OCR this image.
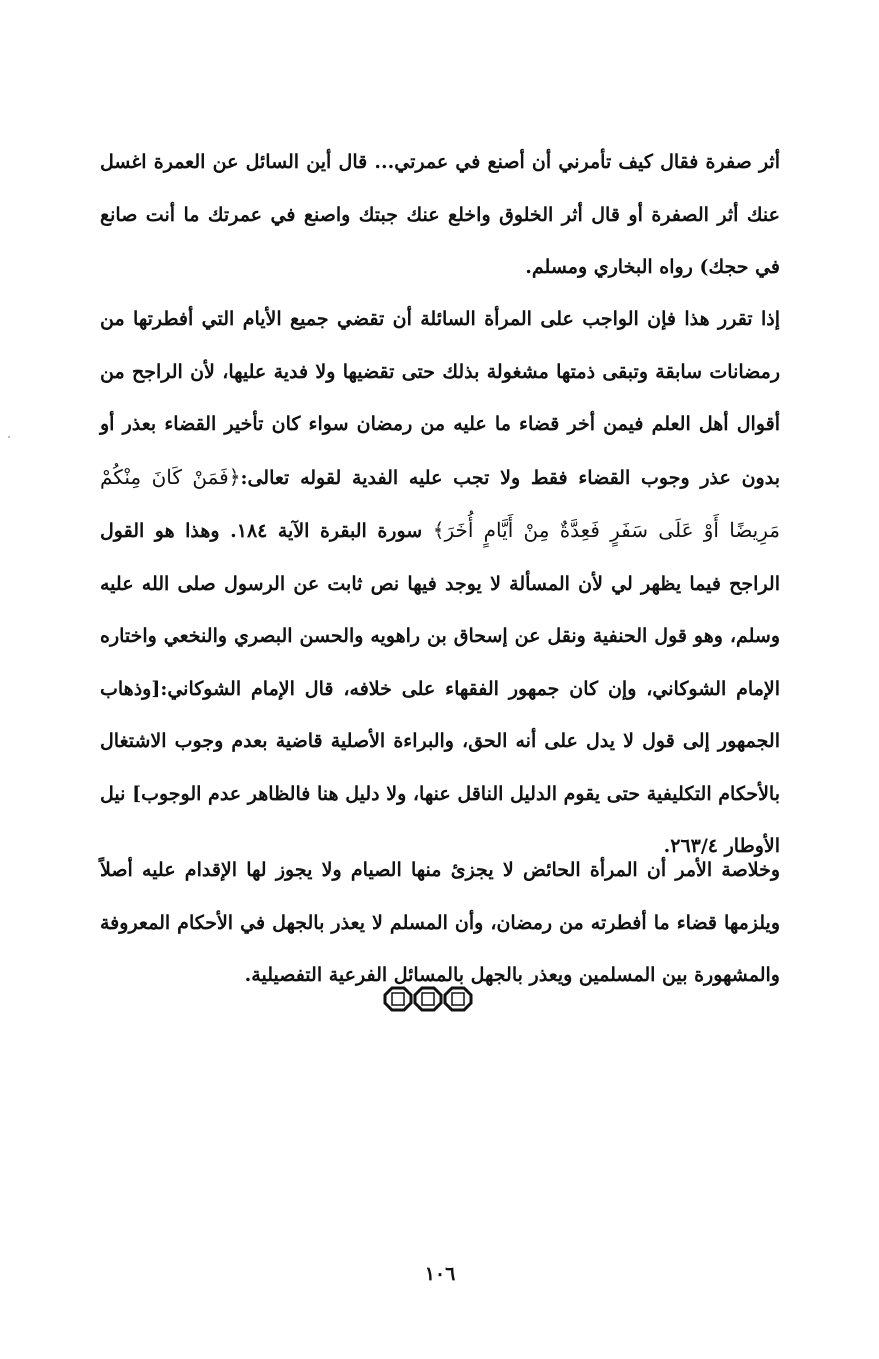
أثر صفرة فقال كيف تأمرني أن أصنع في عمرتي... قال أين السائل عن العمرة اغسل عنك أثر الصفرة أو قال أثر الخلوق واخلع عنك جبتك واصنع في عمرتك ما أنت صانع في حجك) رواه البخاري ومسلم.

إذا تقرر هذا فإن الواجب على المرأة السائلة أن تقضي جميع الأيام التي أفطرتها من رمضانات سابقة وتبقى ذمتها مشغولة بذلك حتى تقضيها ولا فدية عليها، لأن الراجح من أقوال أهل العلم فيمن أخر قضاء ما عليه من رمضان سواء كان تأخير القضاء بعذر أو بدون عذر وجوب القضاء فقط ولا تجب عليه الفدية لقوله تعالى:﴿فَمَنْ كَانَ مِنْكُمْ مَرِيضًا أَوْ عَلَى سَفَرٍ فَعِدَّةٌ مِنْ أَيَّامٍ أُخَرَ﴾ سورة البقرة الآية ١٨٤. وهذا هو القول الراجح فيما يظهر لي لأن المسألة لا يوجد فيها نص ثابت عن الرسول صلى الله عليه وسلم، وهو قول الحنفية ونقل عن إسحاق بن راهويه والحسن البصري والنخعي واختاره الإمام الشوكاني، وإن كان جمهور الفقهاء على خلافه، قال الإمام الشوكاني:[وذهاب الجمهور إلى قول لا يدل على أنه الحق، والبراءة الأصلية قاضية بعدم وجوب الاشتغال بالأحكام التكليفية حتى يقوم الدليل الناقل عنها، ولا دليل هنا فالظاهر عدم الوجوب] نيل الأوطار ٢٦٣/٤.

وخلاصة الأمر أن المرأة الحائض لا يجزئ منها الصيام ولا يجوز لها الإقدام عليه أصلاً ويلزمها قضاء ما أفطرته من رمضان، وأن المسلم لا يعذر بالجهل في الأحكام المعروفة والمشهورة بين المسلمين ويعذر بالجهل بالمسائل الفرعية التفصيلية.

١٠٦
